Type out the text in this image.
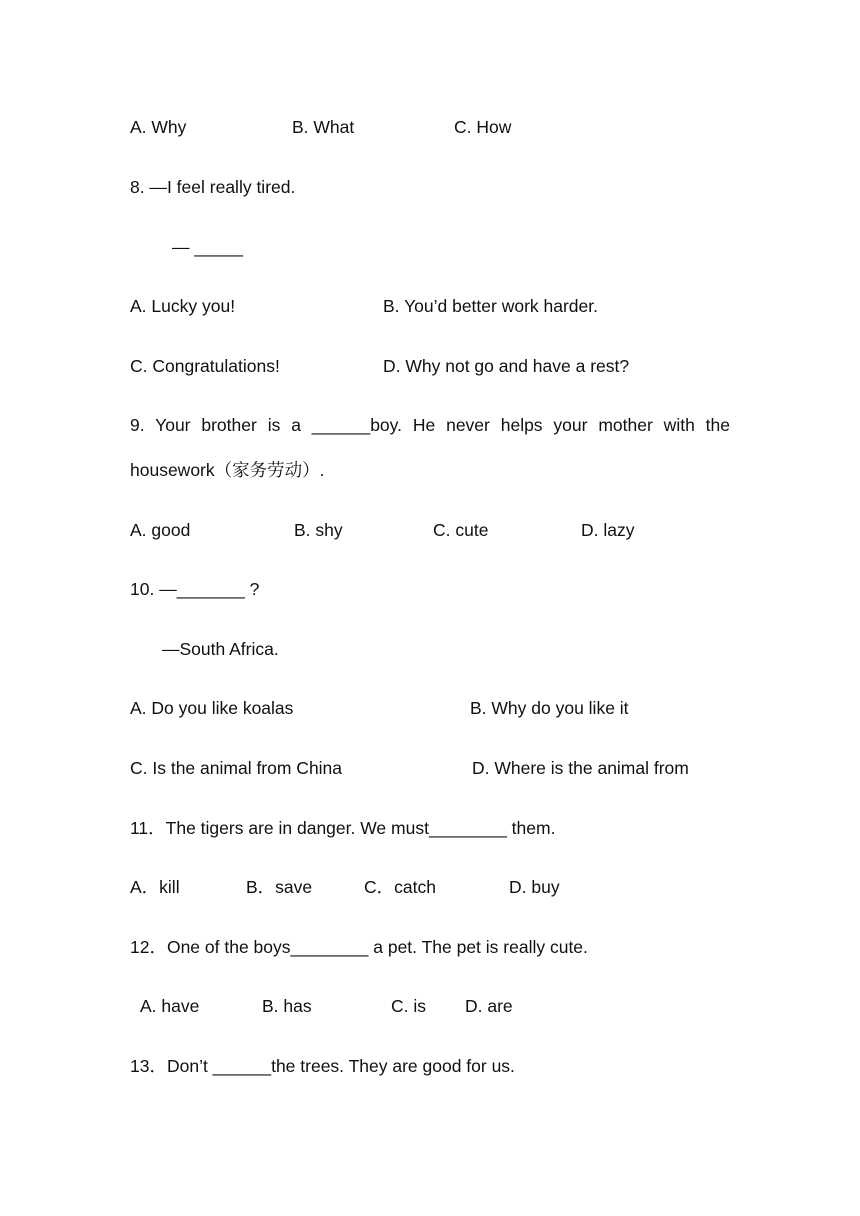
A. Why	B. What	C. How
8. —I feel really tired.
— _____
A. Lucky you!	B. You’d better work harder.
C. Congratulations!	D. Why not go and have a rest?
9. Your brother is a ______boy. He never helps your mother with the
housework（家务劳动）.
A. good	B. shy	C. cute	D. lazy
10. —_______ ?
—South Africa.
A. Do you like koalas	B. Why do you like it
C. Is the animal from China	D. Where is the animal from
11．The tigers are in danger. We must________ them.
A．kill	B．save	C．catch	D. buy
12．One of the boys________ a pet. The pet is really cute.
A. have	B. has	C. is D. are
13．Don’t ______the trees. They are good for us.
